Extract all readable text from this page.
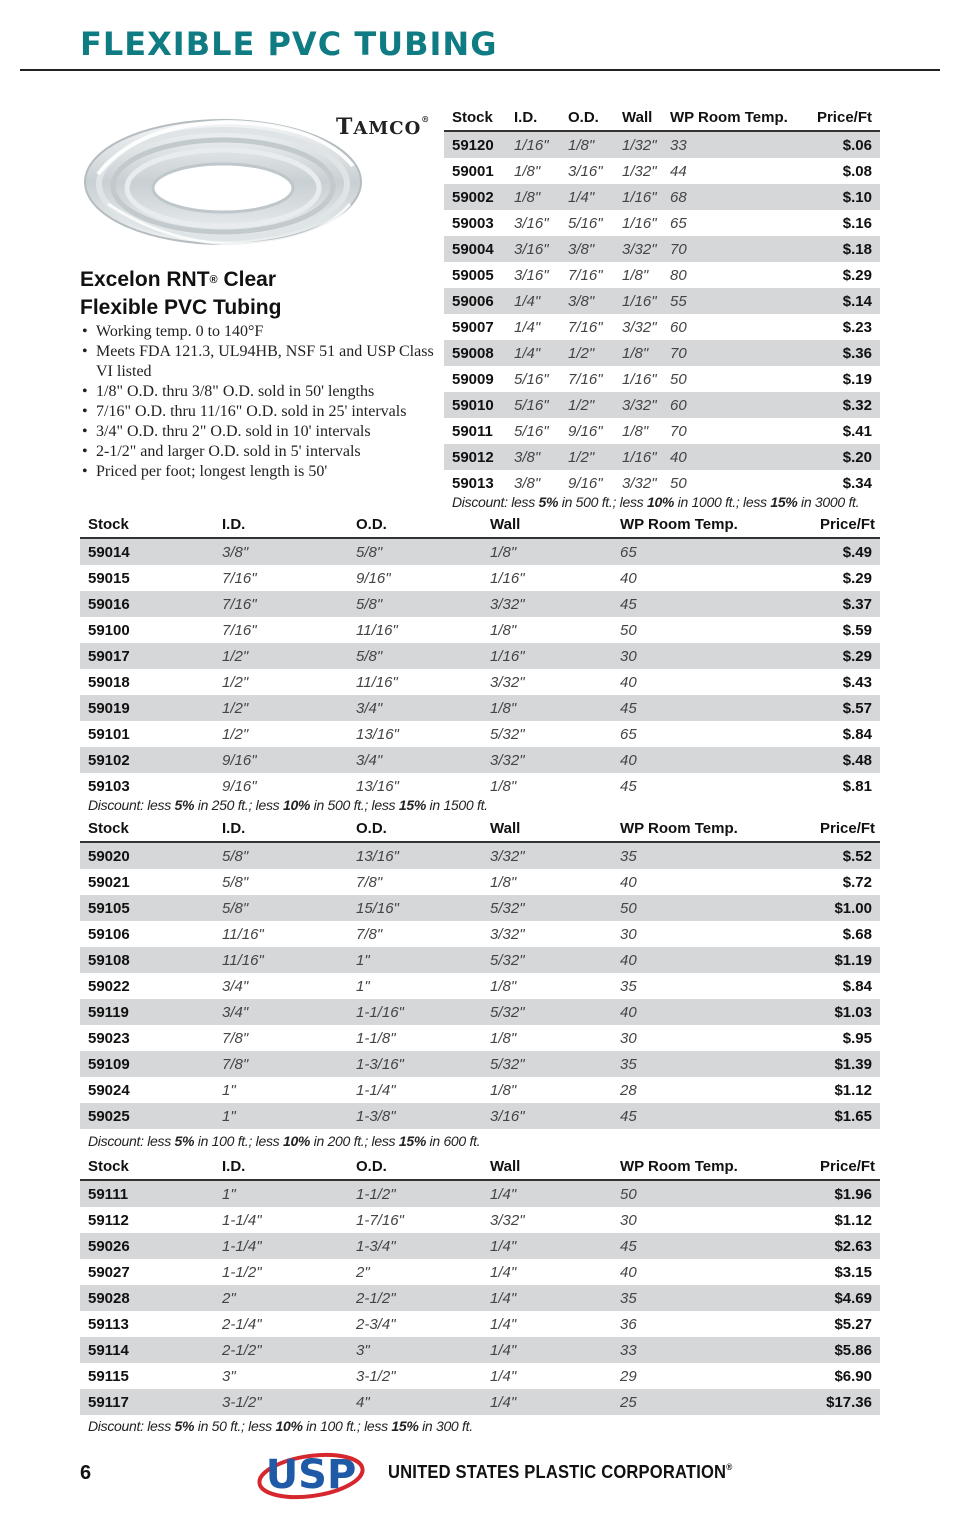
FLEXIBLE PVC TUBING
TAMCO®
Excelon RNT® Clear
Flexible PVC Tubing
• Working temp. 0 to 140°F
• Meets FDA 121.3, UL94HB, NSF 51 and USP Class VI listed
• 1/8" O.D. thru 3/8" O.D. sold in 50' lengths
• 7/16" O.D. thru 11/16" O.D. sold in 25' intervals
• 3/4" O.D. thru 2" O.D. sold in 10' intervals
• 2-1/2" and larger O.D. sold in 5' intervals
• Priced per foot; longest length is 50'
Stock	I.D.	O.D.	Wall	WP Room Temp.	Price/Ft
59120	1/16"	1/8"	1/32"	33	$.06
59001	1/8"	3/16"	1/32"	44	$.08
59002	1/8"	1/4"	1/16"	68	$.10
59003	3/16"	5/16"	1/16"	65	$.16
59004	3/16"	3/8"	3/32"	70	$.18
59005	3/16"	7/16"	1/8"	80	$.29
59006	1/4"	3/8"	1/16"	55	$.14
59007	1/4"	7/16"	3/32"	60	$.23
59008	1/4"	1/2"	1/8"	70	$.36
59009	5/16"	7/16"	1/16"	50	$.19
59010	5/16"	1/2"	3/32"	60	$.32
59011	5/16"	9/16"	1/8"	70	$.41
59012	3/8"	1/2"	1/16"	40	$.20
59013	3/8"	9/16"	3/32"	50	$.34
Discount: less 5% in 500 ft.; less 10% in 1000 ft.; less 15% in 3000 ft.
Stock	I.D.	O.D.	Wall	WP Room Temp.	Price/Ft
59014	3/8"	5/8"	1/8"	65	$.49
59015	7/16"	9/16"	1/16"	40	$.29
59016	7/16"	5/8"	3/32"	45	$.37
59100	7/16"	11/16"	1/8"	50	$.59
59017	1/2"	5/8"	1/16"	30	$.29
59018	1/2"	11/16"	3/32"	40	$.43
59019	1/2"	3/4"	1/8"	45	$.57
59101	1/2"	13/16"	5/32"	65	$.84
59102	9/16"	3/4"	3/32"	40	$.48
59103	9/16"	13/16"	1/8"	45	$.81
Discount: less 5% in 250 ft.; less 10% in 500 ft.; less 15% in 1500 ft.
Stock	I.D.	O.D.	Wall	WP Room Temp.	Price/Ft
59020	5/8"	13/16"	3/32"	35	$.52
59021	5/8"	7/8"	1/8"	40	$.72
59105	5/8"	15/16"	5/32"	50	$1.00
59106	11/16"	7/8"	3/32"	30	$.68
59108	11/16"	1"	5/32"	40	$1.19
59022	3/4"	1"	1/8"	35	$.84
59119	3/4"	1-1/16"	5/32"	40	$1.03
59023	7/8"	1-1/8"	1/8"	30	$.95
59109	7/8"	1-3/16"	5/32"	35	$1.39
59024	1"	1-1/4"	1/8"	28	$1.12
59025	1"	1-3/8"	3/16"	45	$1.65
Discount: less 5% in 100 ft.; less 10% in 200 ft.; less 15% in 600 ft.
Stock	I.D.	O.D.	Wall	WP Room Temp.	Price/Ft
59111	1"	1-1/2"	1/4"	50	$1.96
59112	1-1/4"	1-7/16"	3/32"	30	$1.12
59026	1-1/4"	1-3/4"	1/4"	45	$2.63
59027	1-1/2"	2"	1/4"	40	$3.15
59028	2"	2-1/2"	1/4"	35	$4.69
59113	2-1/4"	2-3/4"	1/4"	36	$5.27
59114	2-1/2"	3"	1/4"	33	$5.86
59115	3"	3-1/2"	1/4"	29	$6.90
59117	3-1/2"	4"	1/4"	25	$17.36
Discount: less 5% in 50 ft.; less 10% in 100 ft.; less 15% in 300 ft.
6	USP UNITED STATES PLASTIC CORPORATION®
